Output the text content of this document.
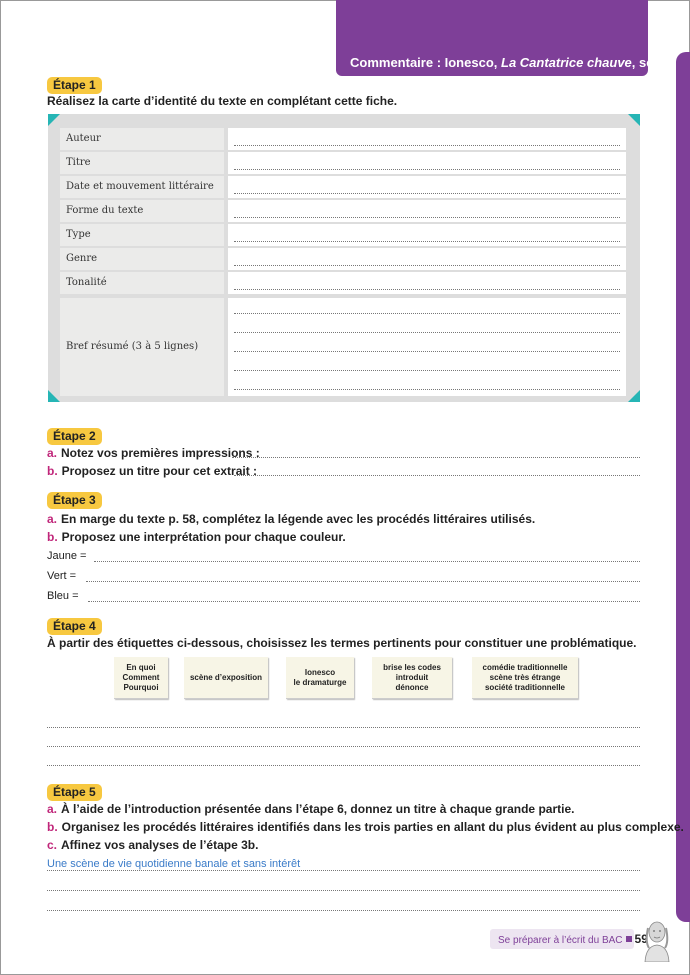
Commentaire : Ionesco, La Cantatrice chauve, sc. 1
Étape 1
Réalisez la carte d’identité du texte en complétant cette fiche.
Auteur
Titre
Date et mouvement littéraire
Forme du texte
Type
Genre
Tonalité
Bref résumé (3 à 5 lignes)
Étape 2
a. Notez vos premières impressions :
b. Proposez un titre pour cet extrait :
Étape 3
a. En marge du texte p. 58, complétez la légende avec les procédés littéraires utilisés.
b. Proposez une interprétation pour chaque couleur.
Jaune =
Vert =
Bleu =
Étape 4
À partir des étiquettes ci-dessous, choisissez les termes pertinents pour constituer une problématique.
En quoi
Comment
Pourquoi
scène d’exposition
Ionesco
le dramaturge
brise les codes
introduit
dénonce
comédie traditionnelle
scène très étrange
société traditionnelle
Étape 5
a. À l’aide de l’introduction présentée dans l’étape 6, donnez un titre à chaque grande partie.
b. Organisez les procédés littéraires identifiés dans les trois parties en allant du plus évident au plus complexe.
c. Affinez vos analyses de l’étape 3b.
Une scène de vie quotidienne banale et sans intérêt
Se préparer à l’écrit du BAC 59
